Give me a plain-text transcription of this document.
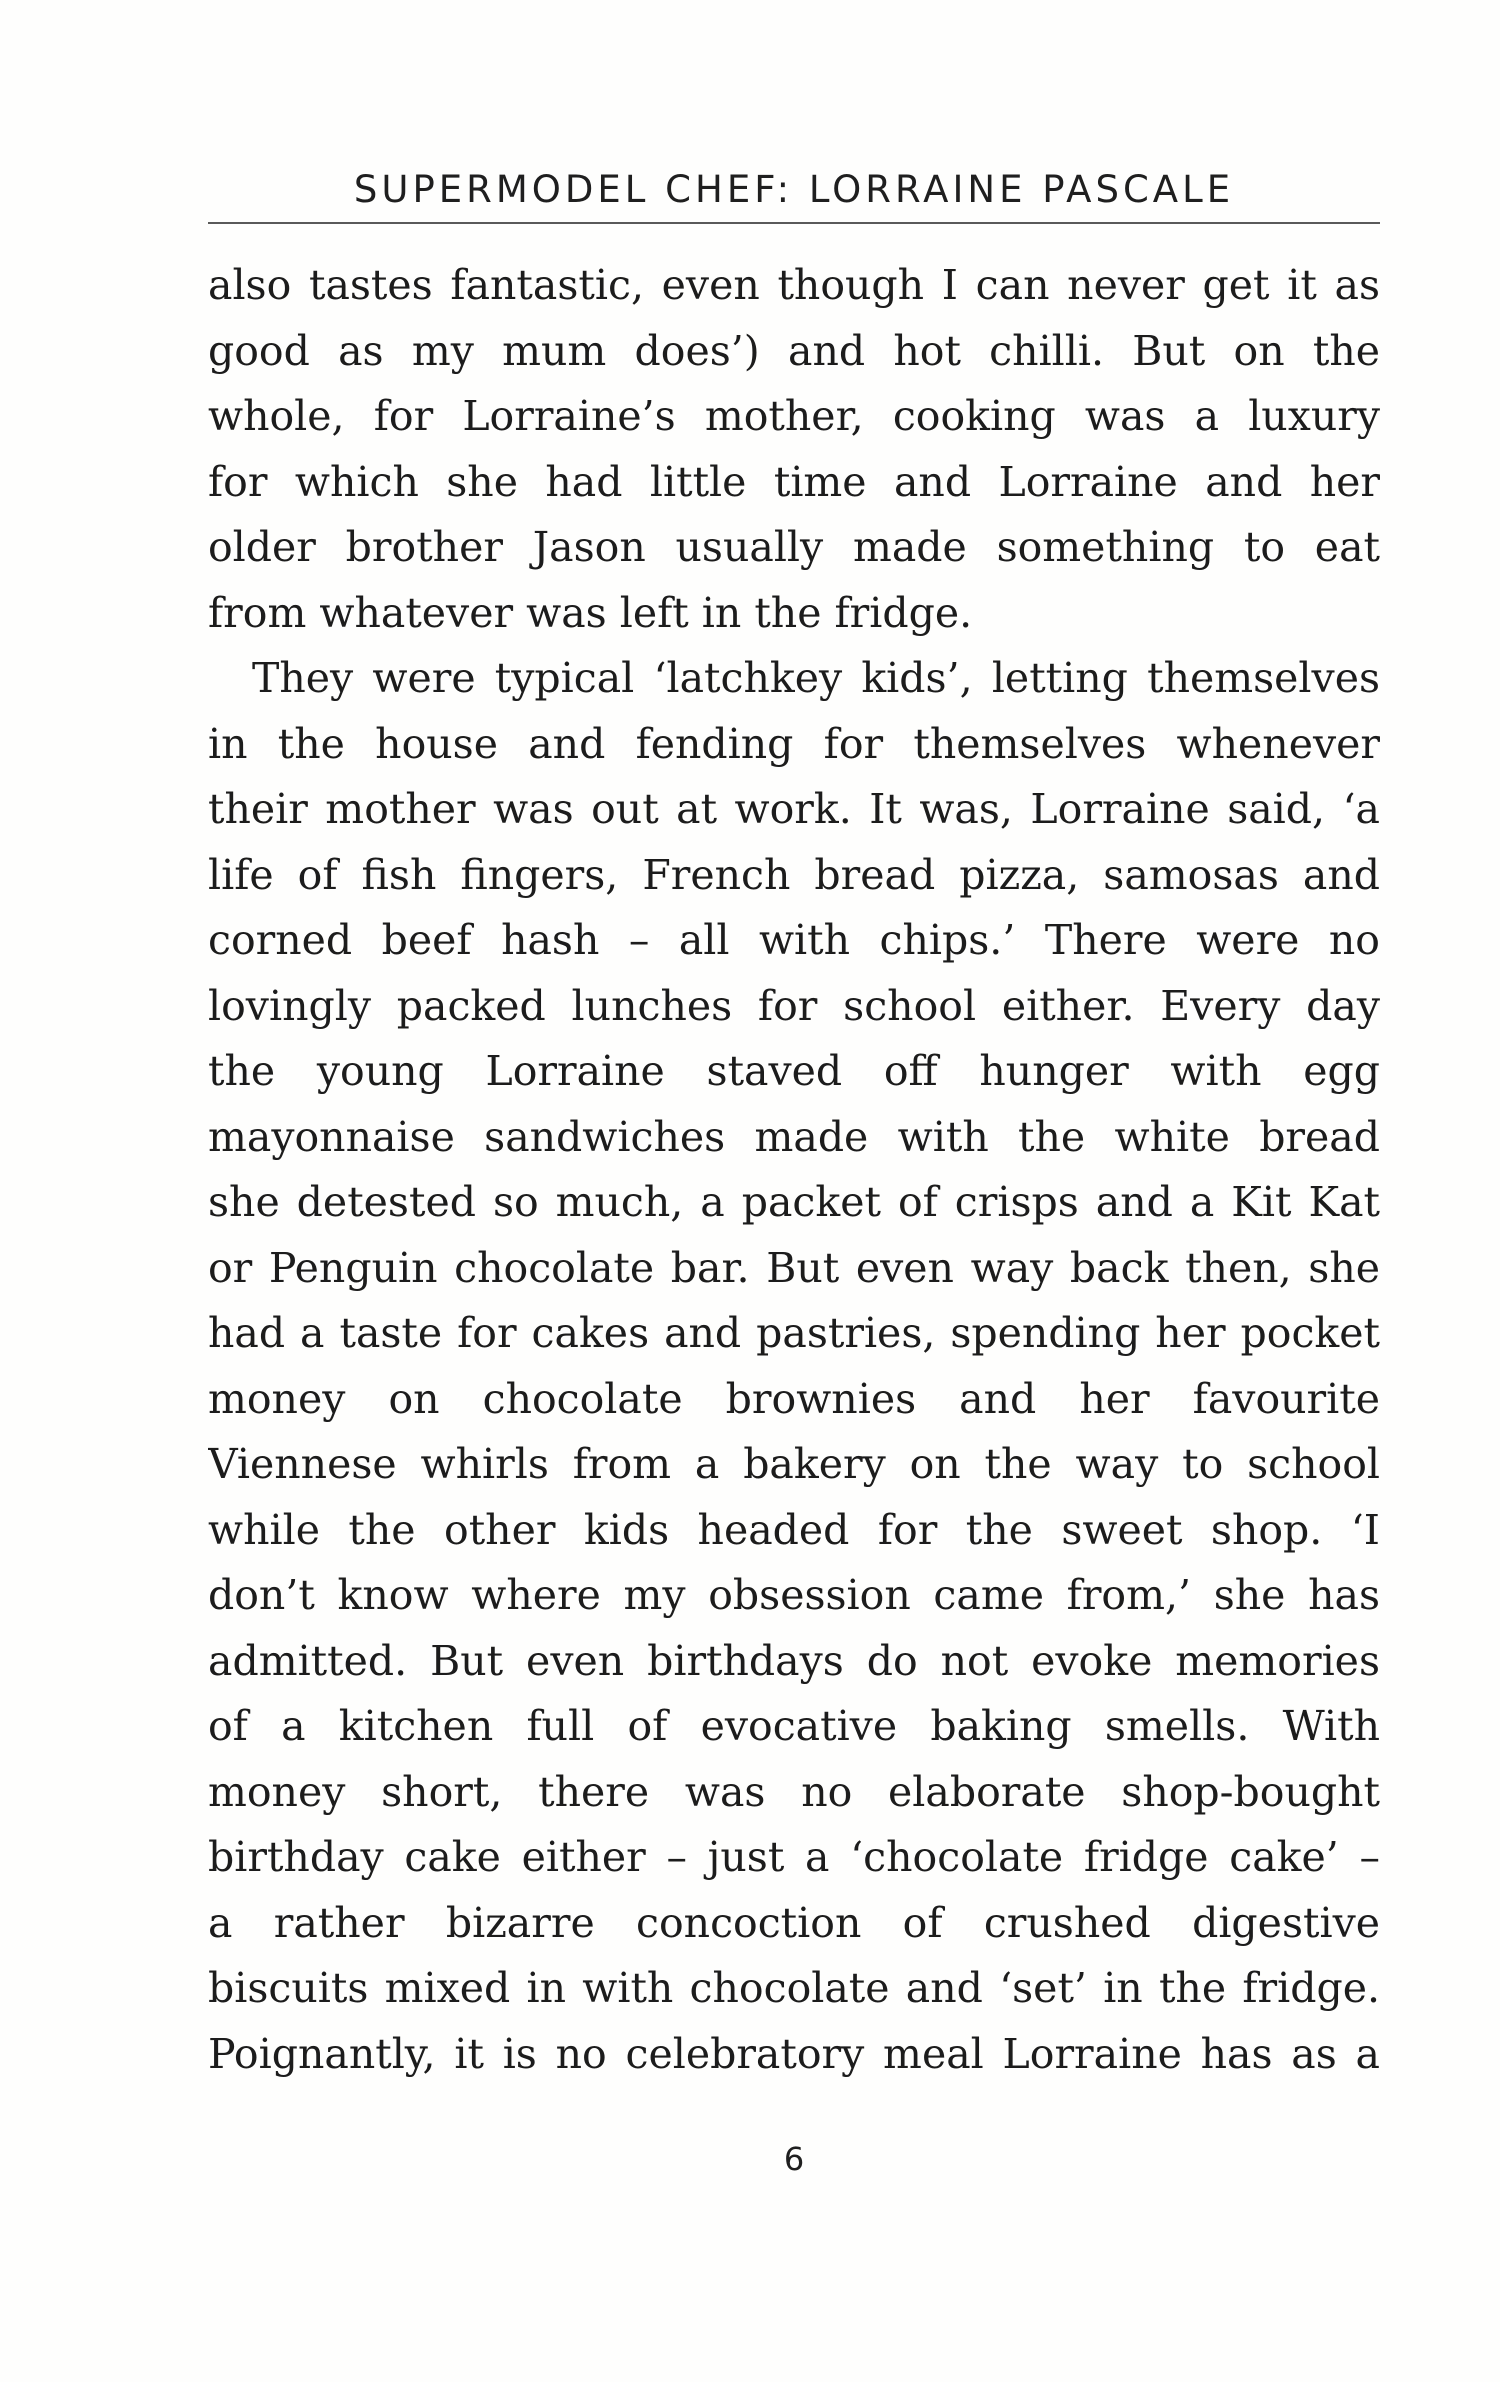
SUPERMODEL CHEF: LORRAINE PASCALE
also tastes fantastic, even though I can never get it as
good as my mum does’) and hot chilli. But on the
whole, for Lorraine’s mother, cooking was a luxury
for which she had little time and Lorraine and her
older brother Jason usually made something to eat
from whatever was left in the fridge.
They were typical ‘latchkey kids’, letting themselves
in the house and fending for themselves whenever
their mother was out at work. It was, Lorraine said, ‘a
life of fish fingers, French bread pizza, samosas and
corned beef hash – all with chips.’ There were no
lovingly packed lunches for school either. Every day
the young Lorraine staved off hunger with egg
mayonnaise sandwiches made with the white bread
she detested so much, a packet of crisps and a Kit Kat
or Penguin chocolate bar. But even way back then, she
had a taste for cakes and pastries, spending her pocket
money on chocolate brownies and her favourite
Viennese whirls from a bakery on the way to school
while the other kids headed for the sweet shop. ‘I
don’t know where my obsession came from,’ she has
admitted. But even birthdays do not evoke memories
of a kitchen full of evocative baking smells. With
money short, there was no elaborate shop-bought
birthday cake either – just a ‘chocolate fridge cake’ –
a rather bizarre concoction of crushed digestive
biscuits mixed in with chocolate and ‘set’ in the fridge.
Poignantly, it is no celebratory meal Lorraine has as a
6
